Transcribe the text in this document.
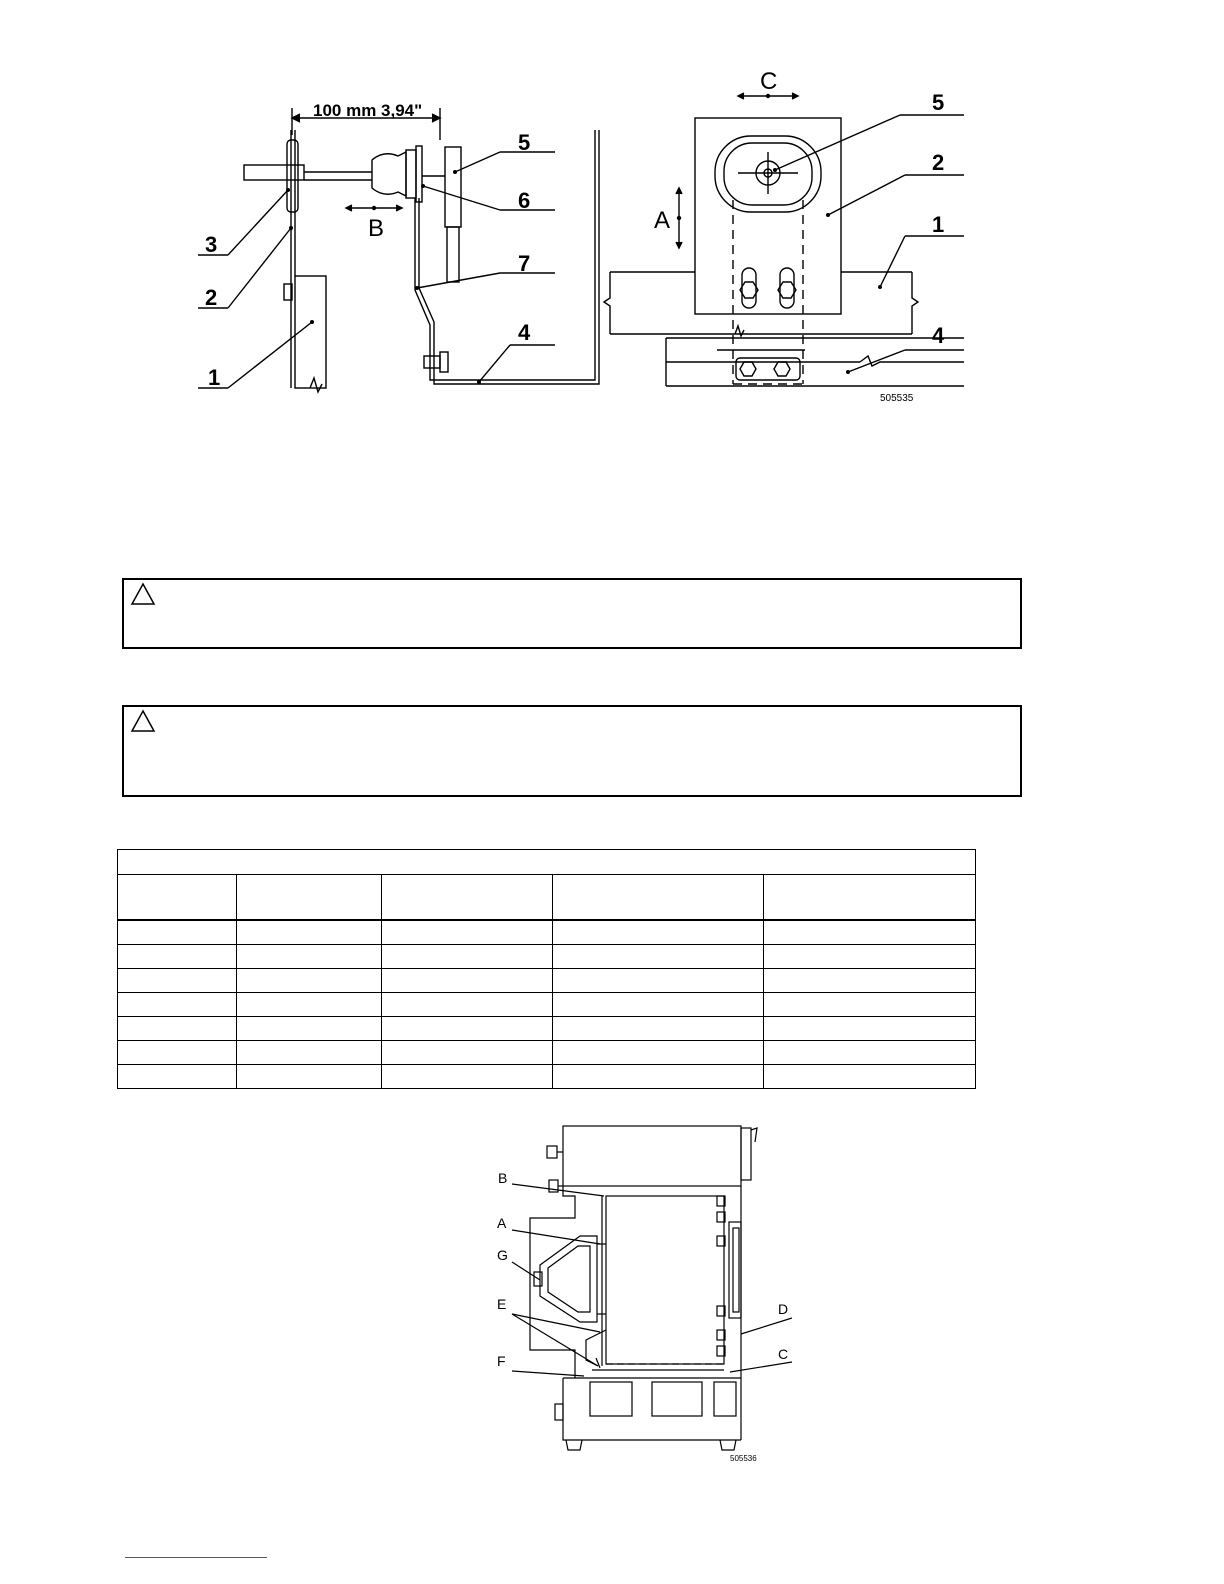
100 mm 3,94"
5
6
7
4
3
2
1
B
5
2
1
4
A
C
505535

B
A
G
E
F
D
C
505536
